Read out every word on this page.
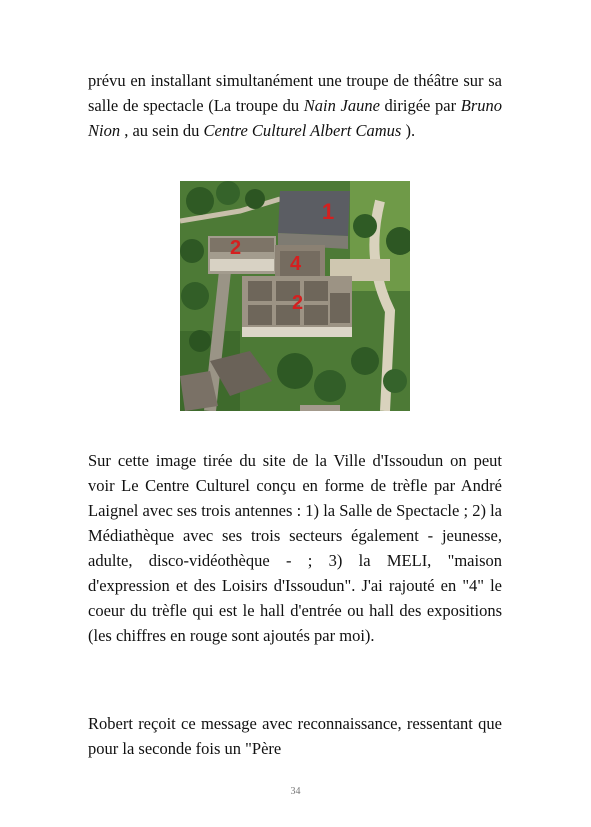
prévu en installant simultanément une troupe de théâtre sur sa salle de spectacle (La troupe du Nain Jaune dirigée par Bruno Nion , au sein du Centre Culturel Albert Camus ).

1
2
4
2

Sur cette image tirée du site de la Ville d'Issoudun on peut voir Le Centre Culturel conçu en forme de trèfle par André Laignel avec ses trois antennes : 1) la Salle de Spectacle ; 2) la Médiathèque avec ses trois secteurs également - jeunesse, adulte, disco-vidéothèque - ; 3) la MELI, "maison d'expression et des Loisirs d'Issoudun". J'ai rajouté en "4" le coeur du trèfle qui est le hall d'entrée ou hall des expositions (les chiffres en rouge sont ajoutés par moi).

Robert reçoit ce message avec reconnaissance, ressentant que pour la seconde fois un "Père

34
